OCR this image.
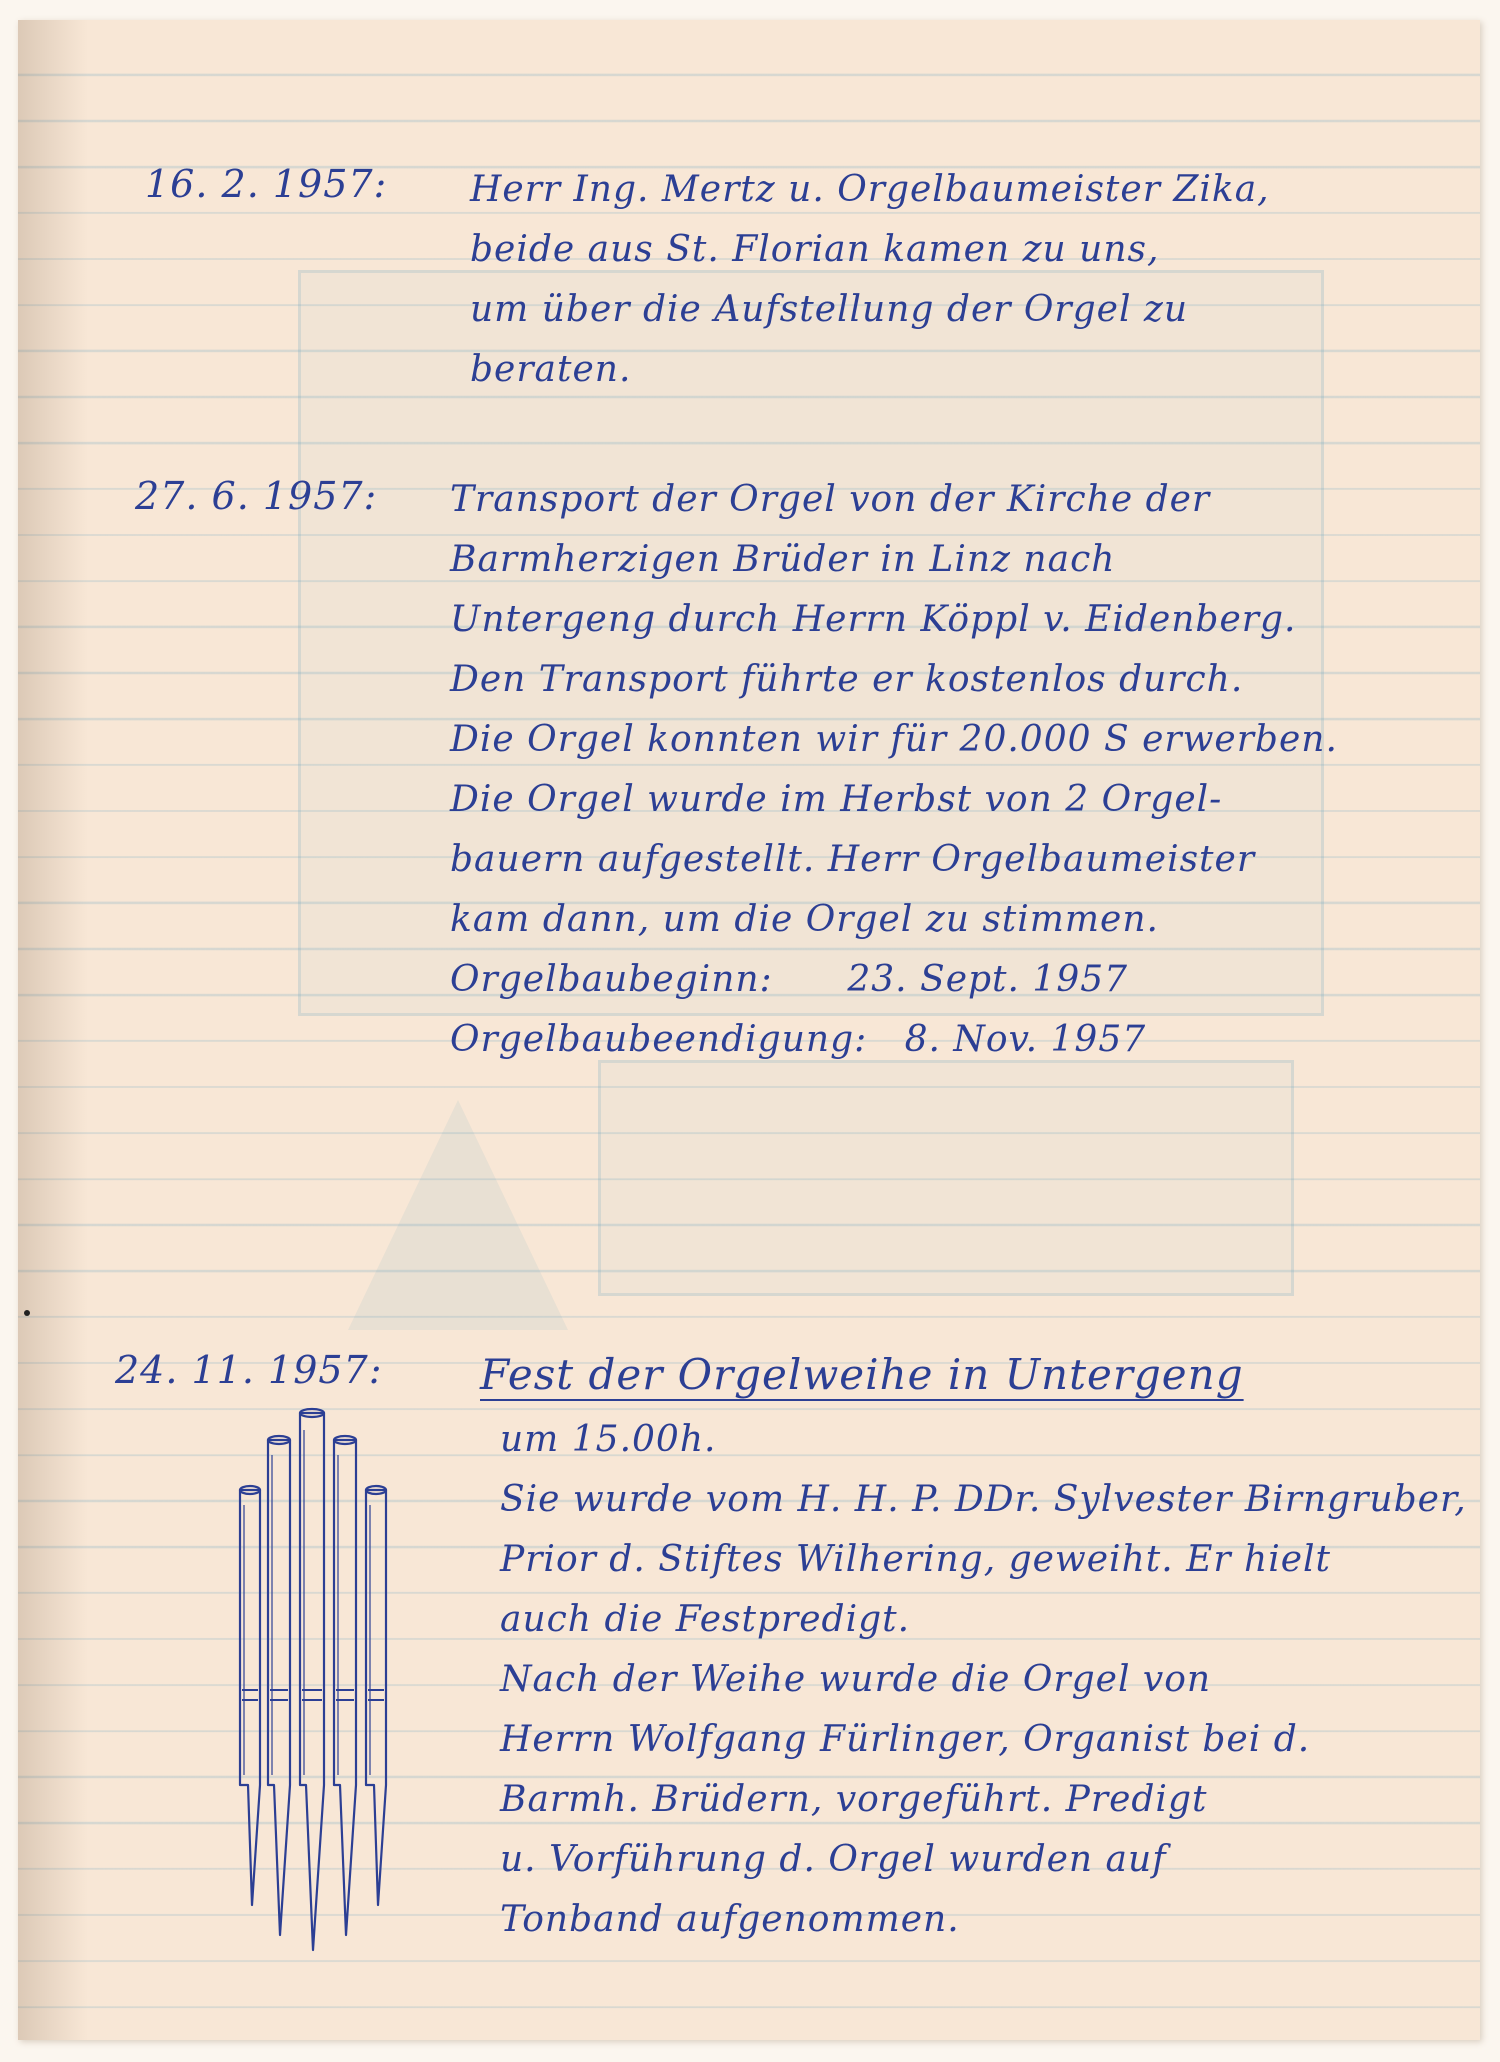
16. 2. 1957: Herr Ing. Mertz u. Orgelbaumeister Zika,
beide aus St. Florian kamen zu uns,
um über die Aufstellung der Orgel zu
beraten.
27. 6. 1957: Transport der Orgel von der Kirche der
Barmherzigen Brüder in Linz nach
Untergeng durch Herrn Köppl v. Eidenberg.
Den Transport führte er kostenlos durch.
Die Orgel konnten wir für 20.000 S erwerben.
Die Orgel wurde im Herbst von 2 Orgel-
bauern aufgestellt. Herr Orgelbaumeister
kam dann, um die Orgel zu stimmen.
Orgelbaubeginn:      23. Sept. 1957
Orgelbaubeendigung:   8. Nov. 1957
24. 11. 1957: Fest der Orgelweihe in Untergeng
um 15.00h.
Sie wurde vom H. H. P. DDr. Sylvester Birngruber,
Prior d. Stiftes Wilhering, geweiht. Er hielt
auch die Festpredigt.
Nach der Weihe wurde die Orgel von
Herrn Wolfgang Fürlinger, Organist bei d.
Barmh. Brüdern, vorgeführt. Predigt
u. Vorführung d. Orgel wurden auf
Tonband aufgenommen.
